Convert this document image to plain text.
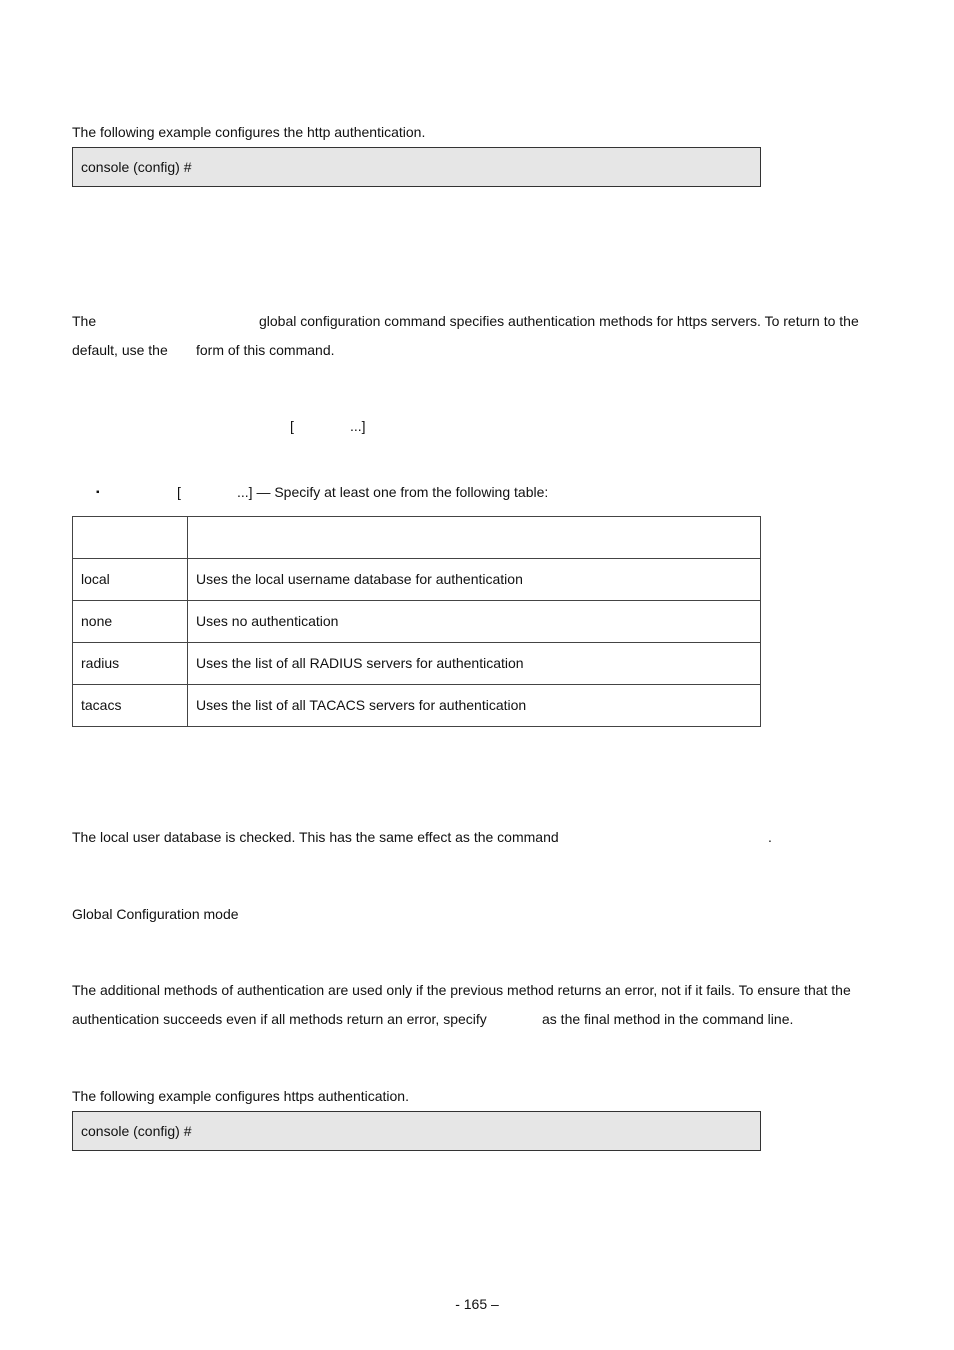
The following example configures the http authentication.
console (config) #
The	global configuration command specifies authentication methods for https servers. To return to the
default, use the form of this command.
[	...]
▪	[	...] — Specify at least one from the following table:

local	Uses the local username database for authentication
none	Uses no authentication
radius	Uses the list of all RADIUS servers for authentication
tacacs	Uses the list of all TACACS servers for authentication
The local user database is checked. This has the same effect as the command	.
Global Configuration mode
The additional methods of authentication are used only if the previous method returns an error, not if it fails. To ensure that the
authentication succeeds even if all methods return an error, specify	as the final method in the command line.
The following example configures https authentication.
console (config) #
- 165 –
